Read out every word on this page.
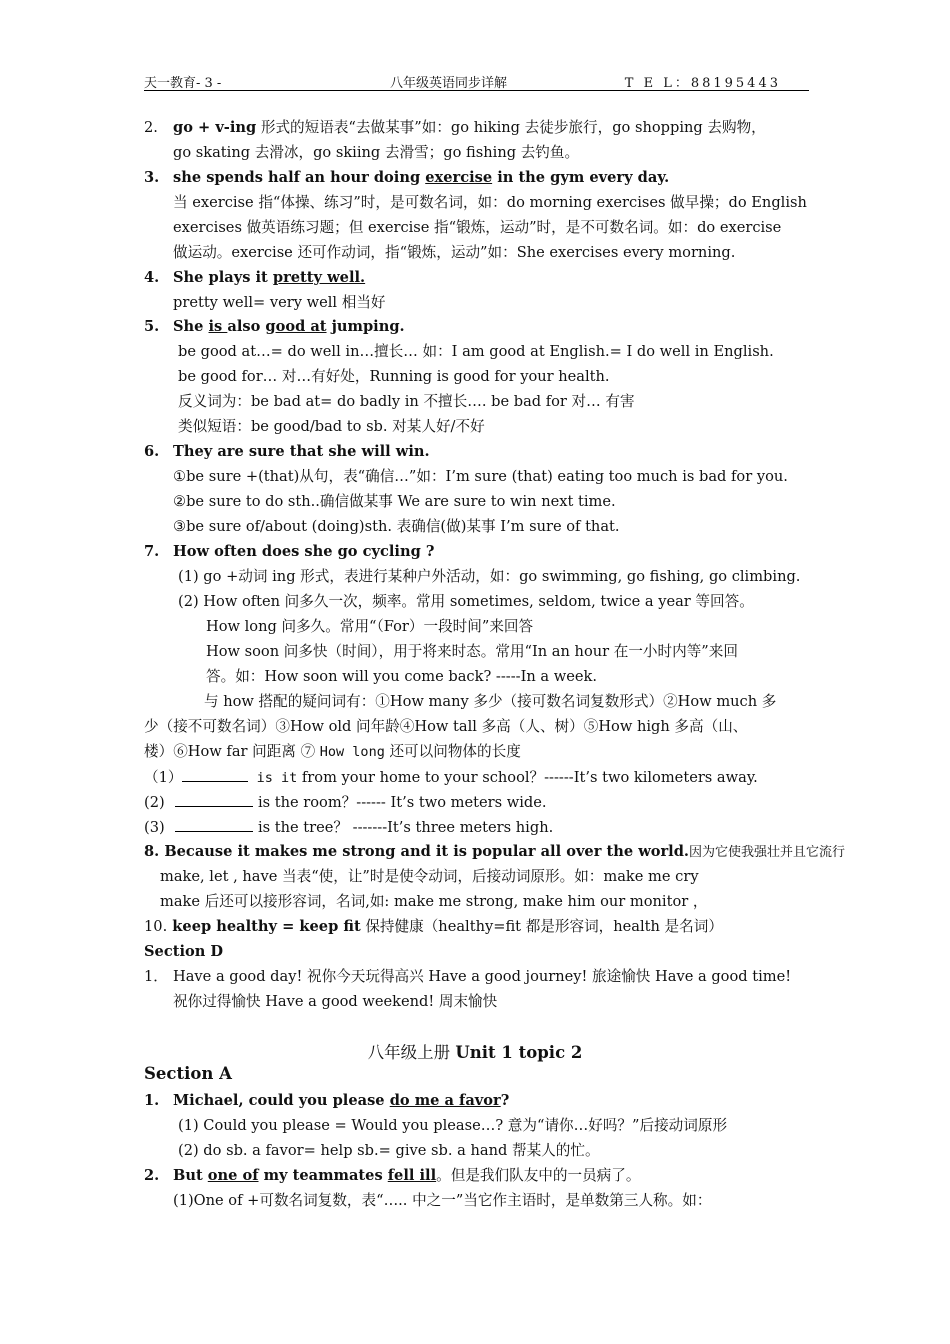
天一教育- 3 -	八年级英语同步详解	T E L：88195443
2. go + v-ing 形式的短语表“去做某事”如：go hiking 去徒步旅行，go shopping 去购物，
go skating 去滑冰，go skiing 去滑雪；go fishing 去钓鱼。
3. she spends half an hour doing exercise in the gym every day.
当 exercise 指“体操、练习”时，是可数名词，如：do morning exercises 做早操；do English
exercises 做英语练习题；但 exercise 指“锻炼，运动”时，是不可数名词。如：do exercise
做运动。exercise 还可作动词，指“锻炼，运动”如：She exercises every morning.
4. She plays it pretty well.
pretty well= very well 相当好
5. She is also good at jumping.
be good at…= do well in…擅长… 如：I am good at English.= I do well in English.
be good for… 对…有好处，Running is good for your health.
反义词为：be bad at= do badly in 不擅长…. be bad for 对… 有害
类似短语：be good/bad to sb. 对某人好/不好
6. They are sure that she will win.
①be sure +(that)从句，表“确信…”如：I’m sure (that) eating too much is bad for you.
②be sure to do sth..确信做某事 We are sure to win next time.
③be sure of/about (doing)sth. 表确信(做)某事 I’m sure of that.
7. How often does she go cycling ?
(1) go +动词 ing 形式，表进行某种户外活动，如：go swimming, go fishing, go climbing.
(2) How often 问多久一次，频率。常用 sometimes, seldom, twice a year 等回答。
How long 问多久。常用“（For）一段时间”来回答
How soon 问多快（时间），用于将来时态。常用“In an hour 在一小时内等”来回
答。如：How soon will you come back? -----In a week.
与 how 搭配的疑问词有：①How many 多少（接可数名词复数形式）②How much 多
少（接不可数名词）③How old 问年龄④How tall 多高（人、树）⑤How high 多高（山、
楼）⑥How far 问距离 ⑦ How long 还可以问物体的长度
（1）	is it from your home to your school？------It’s two kilometers away.
(2)	is the room？------ It’s two meters wide.
(3)	is the tree？ -------It’s three meters high.
8. Because it makes me strong and it is popular all over the world.因为它使我强壮并且它流行
make, let , have 当表“使，让”时是使令动词，后接动词原形。如：make me cry
make 后还可以接形容词，名词,如: make me strong, make him our monitor ，
10. keep healthy = keep fit 保持健康（healthy=fit 都是形容词，health 是名词）
Section D
1． Have a good day! 祝你今天玩得高兴 Have a good journey! 旅途愉快 Have a good time!
祝你过得愉快 Have a good weekend! 周末愉快
八年级上册 Unit 1 topic 2
Section A
1. Michael, could you please do me a favor?
(1) Could you please = Would you please…? 意为“请你…好吗？”后接动词原形
(2) do sb. a favor= help sb.= give sb. a hand 帮某人的忙。
2. But one of my teammates fell ill。但是我们队友中的一员病了。
(1)One of +可数名词复数，表“….. 中之一”当它作主语时，是单数第三人称。如：
